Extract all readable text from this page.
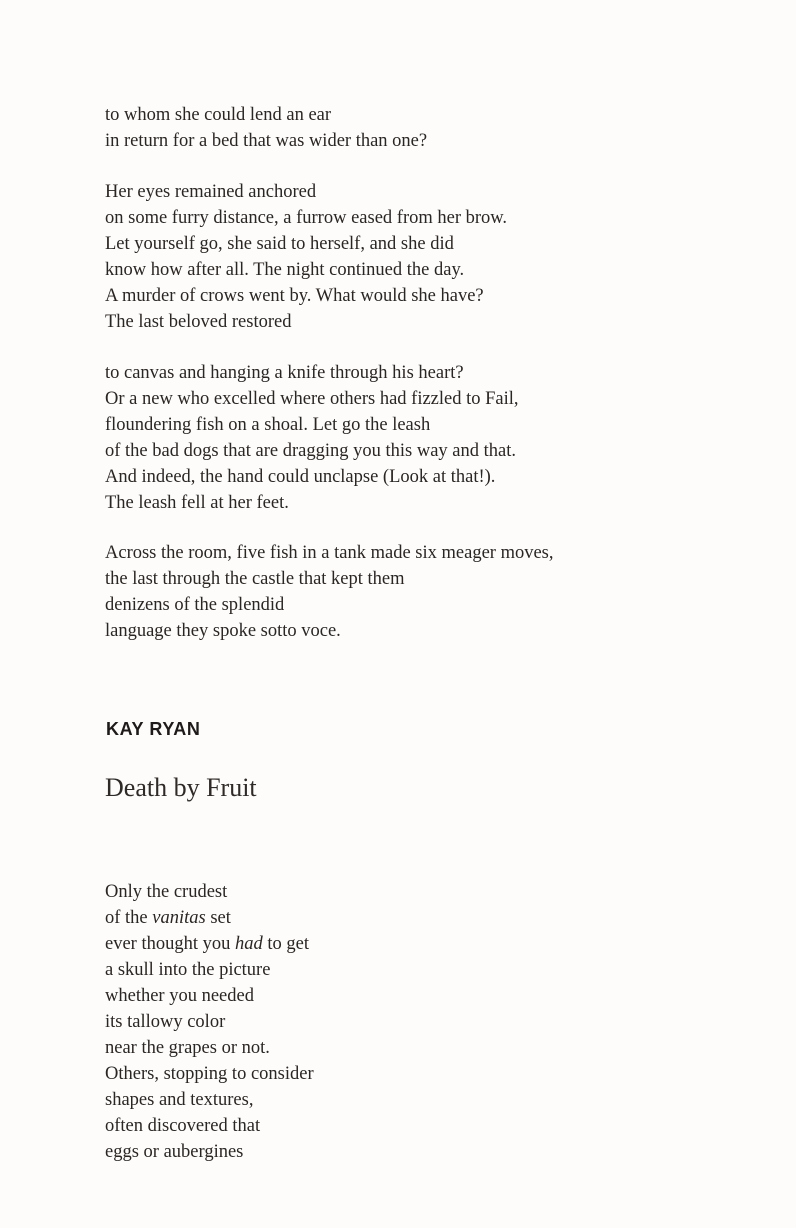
to whom she could lend an ear
in return for a bed that was wider than one?
Her eyes remained anchored
on some furry distance, a furrow eased from her brow.
Let yourself go, she said to herself, and she did
know how after all. The night continued the day.
A murder of crows went by. What would she have?
The last beloved restored
to canvas and hanging a knife through his heart?
Or a new who excelled where others had fizzled to Fail,
floundering fish on a shoal. Let go the leash
of the bad dogs that are dragging you this way and that.
And indeed, the hand could unclapse (Look at that!).
The leash fell at her feet.
Across the room, five fish in a tank made six meager moves,
the last through the castle that kept them
denizens of the splendid
language they spoke sotto voce.
KAY RYAN
Death by Fruit
Only the crudest
of the vanitas set
ever thought you had to get
a skull into the picture
whether you needed
its tallowy color
near the grapes or not.
Others, stopping to consider
shapes and textures,
often discovered that
eggs or aubergines
